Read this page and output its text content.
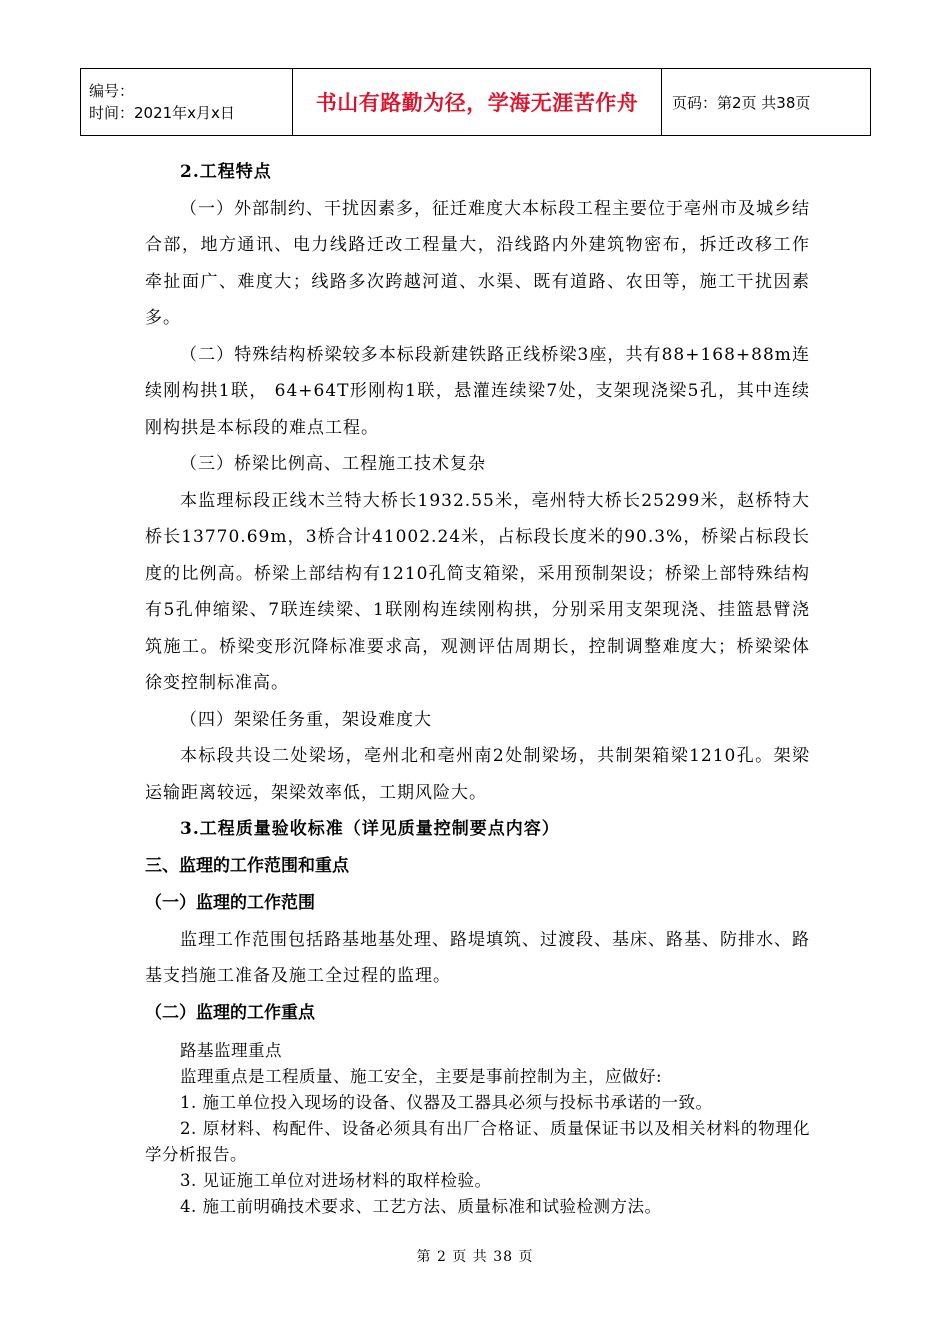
编号：
时间：2021年x月x日	书山有路勤为径，学海无涯苦作舟	页码：第2页 共38页

2.工程特点

（一）外部制约、干扰因素多，征迁难度大本标段工程主要位于亳州市及城乡结合部，地方通讯、电力线路迁改工程量大，沿线路内外建筑物密布，拆迁改移工作牵扯面广、难度大；线路多次跨越河道、水渠、既有道路、农田等，施工干扰因素多。

（二）特殊结构桥梁较多本标段新建铁路正线桥梁3座，共有88+168+88m连续刚构拱1联， 64+64T形刚构1联，悬灌连续梁7处，支架现浇梁5孔，其中连续刚构拱是本标段的难点工程。

（三）桥梁比例高、工程施工技术复杂

本监理标段正线木兰特大桥长1932.55米，亳州特大桥长25299米，赵桥特大桥长13770.69m，3桥合计41002.24米，占标段长度米的90.3%，桥梁占标段长度的比例高。桥梁上部结构有1210孔简支箱梁，采用预制架设；桥梁上部特殊结构有5孔伸缩梁、7联连续梁、1联刚构连续刚构拱，分别采用支架现浇、挂篮悬臂浇筑施工。桥梁变形沉降标准要求高，观测评估周期长，控制调整难度大；桥梁梁体徐变控制标准高。

（四）架梁任务重，架设难度大

本标段共设二处梁场，亳州北和亳州南2处制梁场，共制架箱梁1210孔。架梁运输距离较远，架梁效率低，工期风险大。

3.工程质量验收标准（详见质量控制要点内容）

三、监理的工作范围和重点

（一）监理的工作范围

监理工作范围包括路基地基处理、路堤填筑、过渡段、基床、路基、防排水、路基支挡施工准备及施工全过程的监理。

（二）监理的工作重点

路基监理重点

监理重点是工程质量、施工安全，主要是事前控制为主，应做好:

1. 施工单位投入现场的设备、仪器及工器具必须与投标书承诺的一致。

2. 原材料、构配件、设备必须具有出厂合格证、质量保证书以及相关材料的物理化学分析报告。

3. 见证施工单位对进场材料的取样检验。

4. 施工前明确技术要求、工艺方法、质量标准和试验检测方法。

第 2 页 共 38 页
